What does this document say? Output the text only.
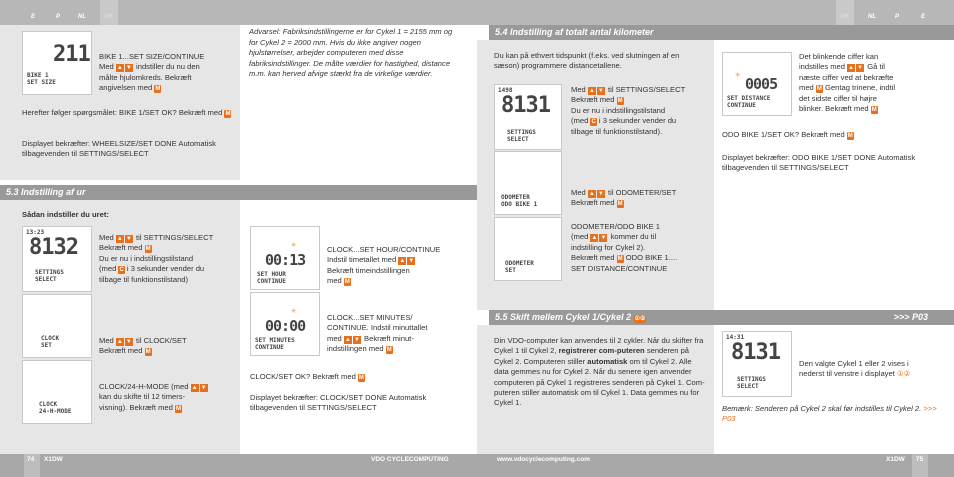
E	P	NL	DK	DK	NL	P	E
211
BIKE 1
SET SIZE
BIKE 1...SET SIZE/CONTINUE
Med ▲ ▼ indstiller du nu den
målte hjulomkreds. Bekræft
angivelsen med M
Herefter følger spørgsmålet: BIKE 1/SET OK? Bekræft med M
Displayet bekræfter: WHEELSIZE/SET DONE Automatisk tilbagevenden til SETTINGS/SELECT
Advarsel: Fabriksindstillingerne er for Cykel 1 = 2155 mm og for Cykel 2 = 2000 mm. Hvis du ikke angiver nogen hjulstørrelser, arbejder computeren med disse fabriksindstillinger. De målte værdier for hastighed, distance m.m. kan herved afvige stærkt fra de virkelige værdier.
5.3 Indstilling af ur
Sådan indstiller du uret:
13:23
8132
SETTINGS
SELECT
CLOCK
SET
CLOCK
24-H-MODE
Med ▲ ▼ til SETTINGS/SELECT
Bekræft med M
Du er nu i indstillingstilstand
(med C i 3 sekunder vender du
tilbage til funktionstilstand)
Med ▲ ▼ til CLOCK/SET
Bekræft med M
CLOCK/24-H-MODE (med ▲ ▼
kan du skifte til 12 timers-
visning). Bekræft med M
☀
00:13
SET HOUR
CONTINUE
☀
00:00
SET MINUTES
CONTINUE
CLOCK...SET HOUR/CONTINUE
Indstil timetallet med ▲ ▼
Bekræft timeindstillingen
med M
CLOCK...SET MINUTES/
CONTINUE. Indstil minuttallet
med ▲ ▼ Bekræft minut-
indstillingen med M
CLOCK/SET OK? Bekræft med M
Displayet bekræfter: CLOCK/SET DONE Automatisk tilbagevenden til SETTINGS/SELECT
5.4 Indstilling af totalt antal kilometer
Du kan på ethvert tidspunkt (f.eks. ved slutningen af en sæson) programmere distancetallene.
1498
8131
SETTINGS
SELECT
ODOMETER
ODO BIKE 1
ODOMETER
SET
Med ▲ ▼ til SETTINGS/SELECT
Bekræft med M
Du er nu i indstillingstilstand
(med C i 3 sekunder vender du
tilbage til funktionstilstand).
Med ▲ ▼ til ODOMETER/SET
Bekræft med M
ODOMETER/ODO BIKE 1
(med ▲ ▼ kommer du til
indstilling for Cykel 2).
Bekræft med M ODO BIKE 1....
SET DISTANCE/CONTINUE
☀ 0005
SET DISTANCE
CONTINUE
Det blinkende ciffer kan
indstilles med ▲ ▼ Gå til
næste ciffer ved at bekræfte
med M Gentag trinene, indtil
det sidste ciffer til højre
blinker. Bekræft med M
ODO BIKE 1/SET OK? Bekræft med M
Displayet bekræfter: ODO BIKE 1/SET DONE Automatisk tilbagevenden til SETTINGS/SELECT
5.5 Skift mellem Cykel 1/Cykel 2 ①②	>>> P03
Din VDO-computer kan anvendes til 2 cykler. Når du skifter fra Cykel 1 til Cykel 2, registrerer com-puteren senderen på Cykel 2. Computeren stiller automatisk om til Cykel 2. Alle data gemmes nu for Cykel 2. Når du senere igen anvender computeren på Cykel 1 registreres senderen på Cykel 1. Com-puteren stiller automatisk om til Cykel 1. Data gemmes nu for Cykel 1.
14:31
8131
SETTINGS
SELECT
Den valgte Cykel 1 eller 2 vises i nederst til venstre i displayet ①②
Bemærk: Senderen på Cykel 2 skal før indstilles til Cykel 2. >>> P03
74 X1DW	VDO CYCLECOMPUTING	www.vdocyclecomputing.com	X1DW 75
